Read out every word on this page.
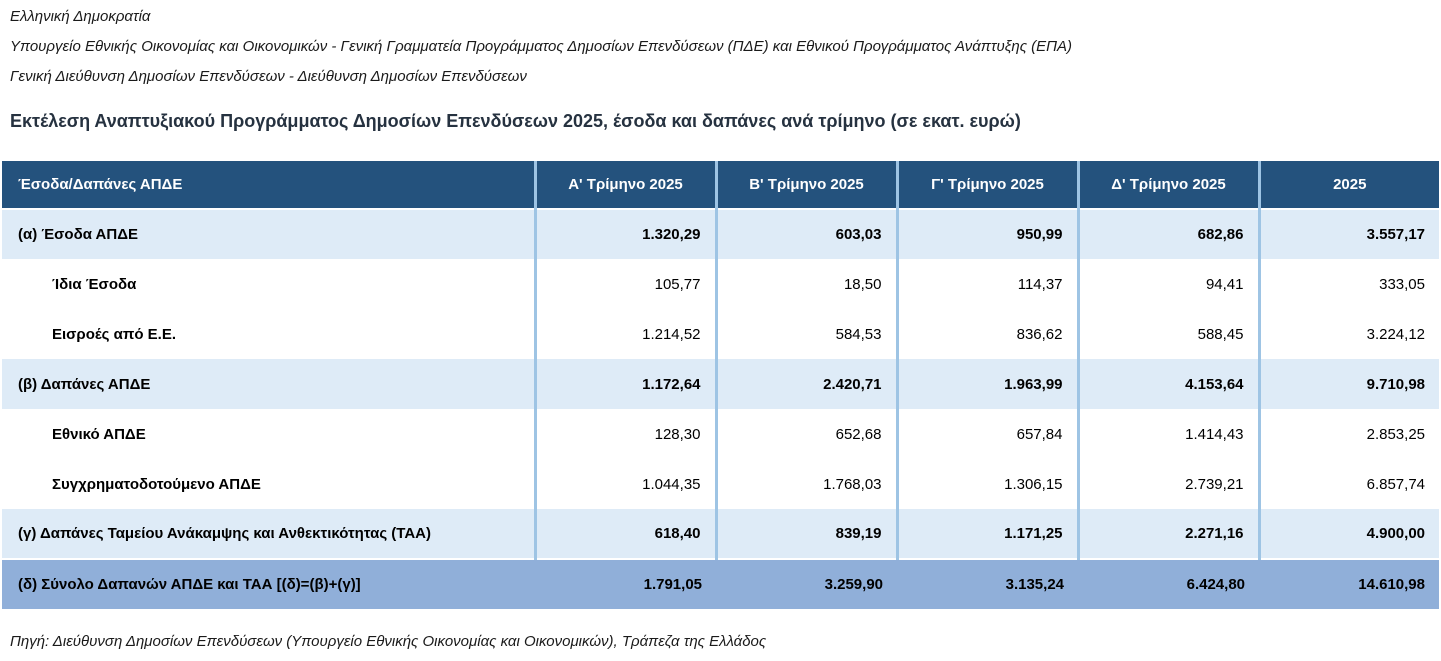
Ελληνική Δημοκρατία

Υπουργείο Εθνικής Οικονομίας και Οικονομικών - Γενική Γραμματεία Προγράμματος Δημοσίων Επενδύσεων (ΠΔΕ) και Εθνικού Προγράμματος Ανάπτυξης (ΕΠΑ)

Γενική Διεύθυνση Δημοσίων Επενδύσεων - Διεύθυνση Δημοσίων Επενδύσεων

Εκτέλεση Αναπτυξιακού Προγράμματος Δημοσίων Επενδύσεων 2025, έσοδα και δαπάνες ανά τρίμηνο (σε εκατ. ευρώ)
Έσοδα/Δαπάνες ΑΠΔΕ	Α' Τρίμηνο 2025	Β' Τρίμηνο 2025	Γ' Τρίμηνο 2025	Δ' Τρίμηνο 2025	2025
(α) Έσοδα ΑΠΔΕ	1.320,29	603,03	950,99	682,86	3.557,17
Ίδια Έσοδα	105,77	18,50	114,37	94,41	333,05
Εισροές από Ε.Ε.	1.214,52	584,53	836,62	588,45	3.224,12
(β) Δαπάνες ΑΠΔΕ	1.172,64	2.420,71	1.963,99	4.153,64	9.710,98
Εθνικό ΑΠΔΕ	128,30	652,68	657,84	1.414,43	2.853,25
Συγχρηματοδοτούμενο ΑΠΔΕ	1.044,35	1.768,03	1.306,15	2.739,21	6.857,74
(γ) Δαπάνες Ταμείου Ανάκαμψης και Ανθεκτικότητας (ΤΑΑ)	618,40	839,19	1.171,25	2.271,16	4.900,00
(δ) Σύνολο Δαπανών ΑΠΔΕ και ΤΑΑ [(δ)=(β)+(γ)]	1.791,05	3.259,90	3.135,24	6.424,80	14.610,98

Πηγή: Διεύθυνση Δημοσίων Επενδύσεων (Υπουργείο Εθνικής Οικονομίας και Οικονομικών), Τράπεζα της Ελλάδος
